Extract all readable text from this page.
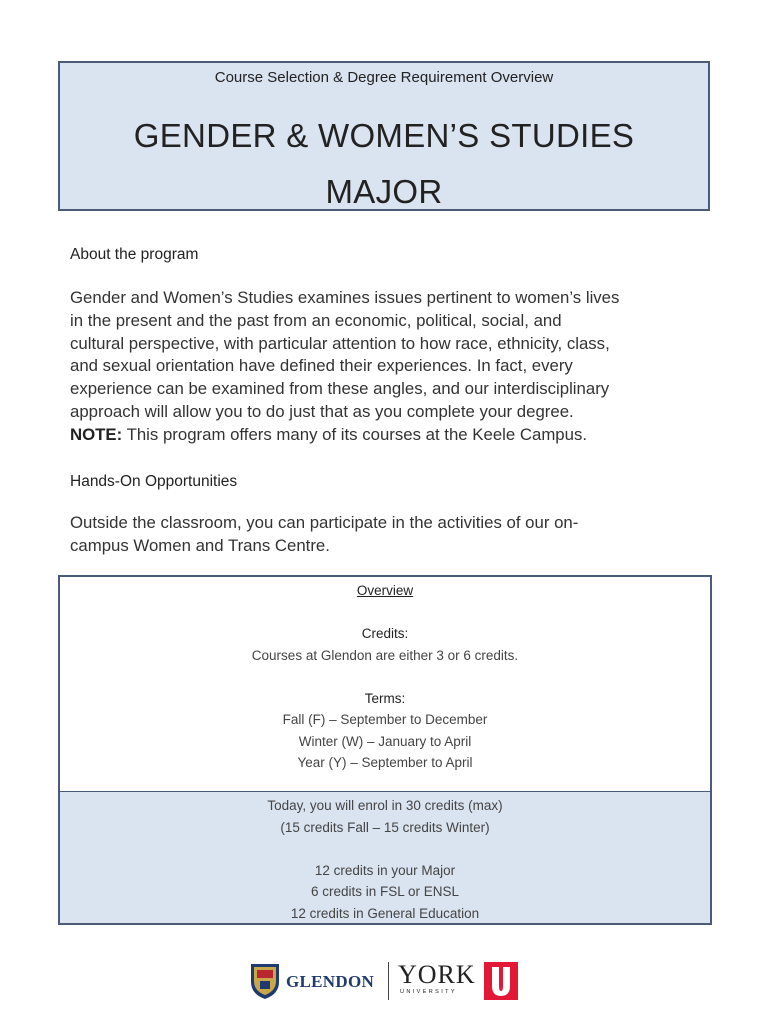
Course Selection & Degree Requirement Overview
GENDER & WOMEN’S STUDIES
MAJOR
About the program
Gender and Women’s Studies examines issues pertinent to women’s lives
in the present and the past from an economic, political, social, and
cultural perspective, with particular attention to how race, ethnicity, class,
and sexual orientation have defined their experiences. In fact, every
experience can be examined from these angles, and our interdisciplinary
approach will allow you to do just that as you complete your degree.
NOTE: This program offers many of its courses at the Keele Campus.
Hands-On Opportunities
Outside the classroom, you can participate in the activities of our on-
campus Women and Trans Centre.
Overview
Credits:
Courses at Glendon are either 3 or 6 credits.
Terms:
Fall (F) – September to December
Winter (W) – January to April
Year (Y) – September to April
Today, you will enrol in 30 credits (max)
(15 credits Fall – 15 credits Winter)
12 credits in your Major
6 credits in FSL or ENSL
12 credits in General Education
GLENDON YORK
UNIVERSITY
